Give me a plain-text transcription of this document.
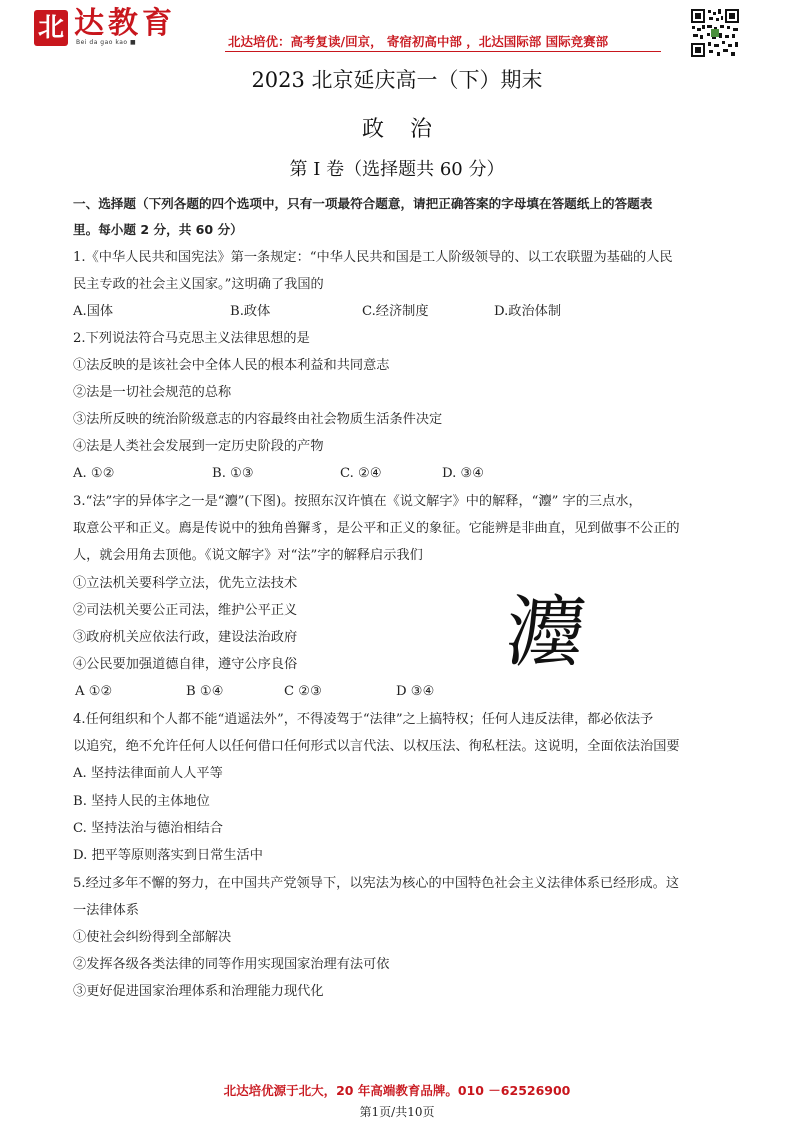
北 达教育
Bei da gao kao ■	北达培优：高考复读/回京， 寄宿初高中部 ，北达国际部 国际竞赛部
2023 北京延庆高一（下）期末
政治
第 I 卷（选择题共 60 分）
一、选择题（下列各题的四个选项中，只有一项最符合题意，请把正确答案的字母填在答题纸上的答题表
里。每小题 2 分，共 60 分）
1.《中华人民共和国宪法》第一条规定：“中华人民共和国是工人阶级领导的、以工农联盟为基础的人民
民主专政的社会主义国家。”这明确了我国的
A.国体	B.政体	C.经济制度	D.政治体制
2.下列说法符合马克思主义法律思想的是
①法反映的是该社会中全体人民的根本利益和共同意志
②法是一切社会规范的总称
③法所反映的统治阶级意志的内容最终由社会物质生活条件决定
④法是人类社会发展到一定历史阶段的产物
A. ①②	B. ①③	C. ②④	D. ③④
3.“法”字的异体字之一是“灋”(下图)。按照东汉许慎在《说文解字》中的解释，“灋” 字的三点水，
取意公平和正义。廌是传说中的独角兽獬豸，是公平和正义的象征。它能辨是非曲直，见到做事不公正的
人，就会用角去顶他。《说文解字》对“法”字的解释启示我们
①立法机关要科学立法，优先立法技术
②司法机关要公正司法，维护公平正义
③政府机关应依法行政，建设法治政府
④公民要加强道德自律，遵守公序良俗
A ①②	B ①④	C ②③	D ③④
灋
4.任何组织和个人都不能“逍遥法外”，不得凌驾于“法律”之上搞特权；任何人违反法律，都必依法予
以追究，绝不允许任何人以任何借口任何形式以言代法、以权压法、徇私枉法。这说明，全面依法治国要
A. 坚持法律面前人人平等
B. 坚持人民的主体地位
C. 坚持法治与德治相结合
D. 把平等原则落实到日常生活中
5.经过多年不懈的努力，在中国共产党领导下，以宪法为核心的中国特色社会主义法律体系已经形成。这
一法律体系
①使社会纠纷得到全部解决
②发挥各级各类法律的同等作用实现国家治理有法可依
③更好促进国家治理体系和治理能力现代化
北达培优源于北大，20 年高端教育品牌。010 －62526900
第1页/共10页
